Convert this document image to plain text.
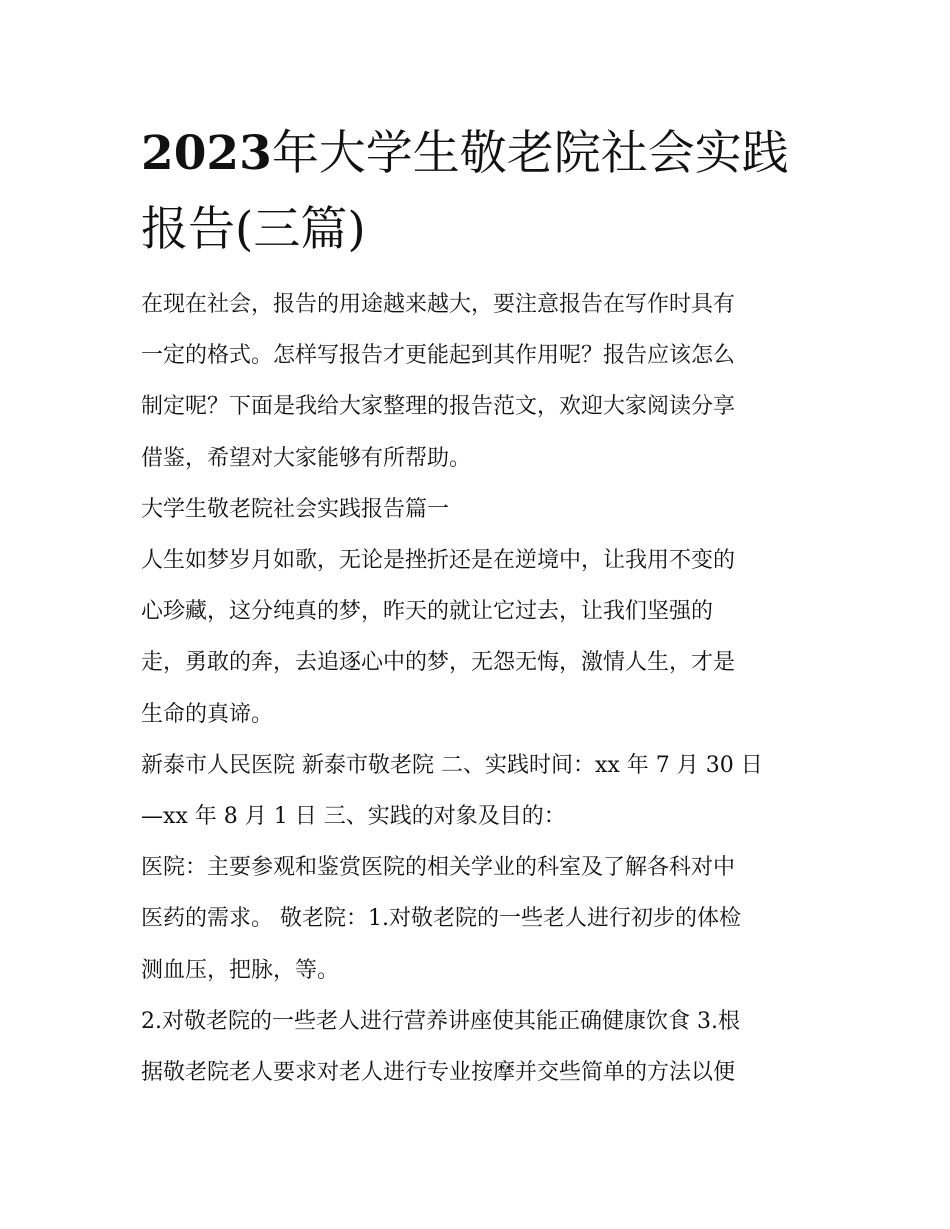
2023年大学生敬老院社会实践
报告(三篇)

在现在社会，报告的用途越来越大，要注意报告在写作时具有

一定的格式。怎样写报告才更能起到其作用呢？报告应该怎么

制定呢？下面是我给大家整理的报告范文，欢迎大家阅读分享

借鉴，希望对大家能够有所帮助。

大学生敬老院社会实践报告篇一

人生如梦岁月如歌，无论是挫折还是在逆境中，让我用不变的

心珍藏，这分纯真的梦，昨天的就让它过去，让我们坚强的

走，勇敢的奔，去追逐心中的梦，无怨无悔，激情人生，才是

生命的真谛。

新泰市人民医院 新泰市敬老院 二、实践时间：xx 年 7 月 30 日

—xx 年 8 月 1 日 三、实践的对象及目的：

医院：主要参观和鉴赏医院的相关学业的科室及了解各科对中

医药的需求。 敬老院：1.对敬老院的一些老人进行初步的体检

测血压，把脉，等。

2.对敬老院的一些老人进行营养讲座使其能正确健康饮食 3.根

据敬老院老人要求对老人进行专业按摩并交些简单的方法以便
